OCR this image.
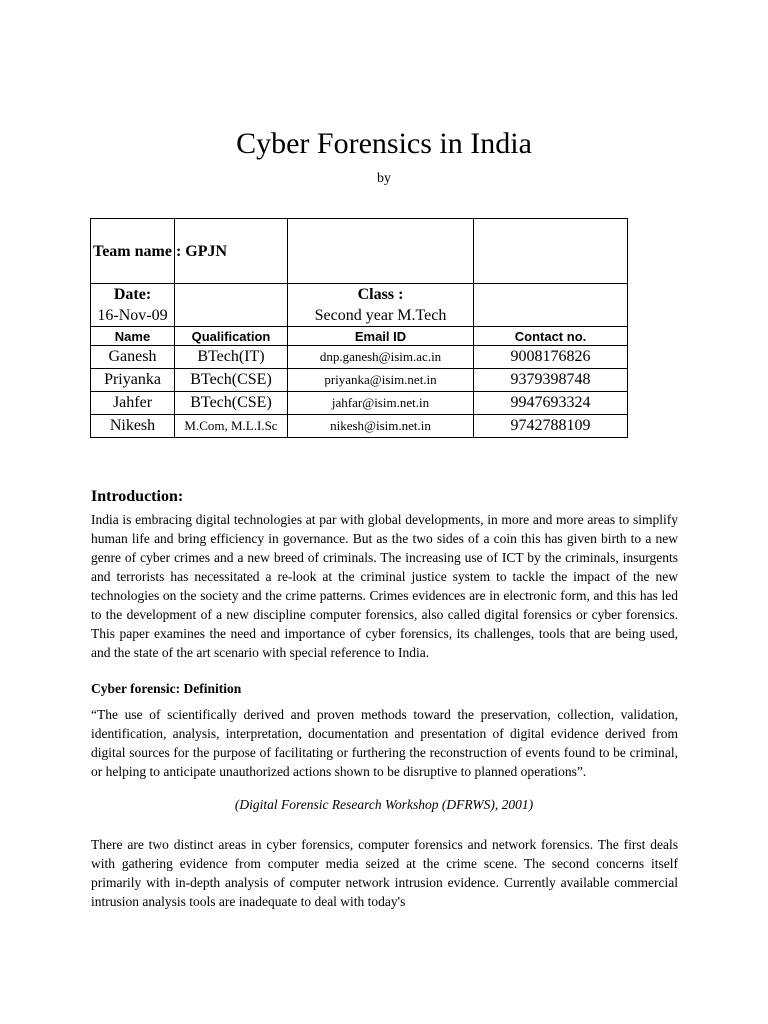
Cyber Forensics in India
by
Team name : GPJN			

Date:
16-Nov-09		Class : Second year M.Tech	

Name	Qualification	Email ID	Contact no.
Ganesh	BTech(IT)	dnp.ganesh@isim.ac.in	9008176826
Priyanka	BTech(CSE)	priyanka@isim.net.in	9379398748
Jahfer	BTech(CSE)	jahfar@isim.net.in	9947693324
Nikesh	M.Com, M.L.I.Sc	nikesh@isim.net.in	9742788109
Introduction:

India is embracing digital technologies at par with global developments, in more and more areas to simplify human life and bring efficiency in governance. But as the two sides of a coin this has given birth to a new genre of cyber crimes and a new breed of criminals. The increasing use of ICT by the criminals, insurgents and terrorists has necessitated a re-look at the criminal justice system to tackle the impact of the new technologies on the society and the crime patterns. Crimes evidences are in electronic form, and this has led to the development of a new discipline computer forensics, also called digital forensics or cyber forensics. This paper examines the need and importance of cyber forensics, its challenges, tools that are being used, and the state of the art scenario with special reference to India.

Cyber forensic: Definition

“The use of scientifically derived and proven methods toward the preservation, collection, validation, identification, analysis, interpretation, documentation and presentation of digital evidence derived from digital sources for the purpose of facilitating or furthering the reconstruction of events found to be criminal, or helping to anticipate unauthorized actions shown to be disruptive to planned operations”.

(Digital Forensic Research Workshop (DFRWS), 2001)

There are two distinct areas in cyber forensics, computer forensics and network forensics. The first deals with gathering evidence from computer media seized at the crime scene. The second concerns itself primarily with in-depth analysis of computer network intrusion evidence. Currently available commercial intrusion analysis tools are inadequate to deal with today's
